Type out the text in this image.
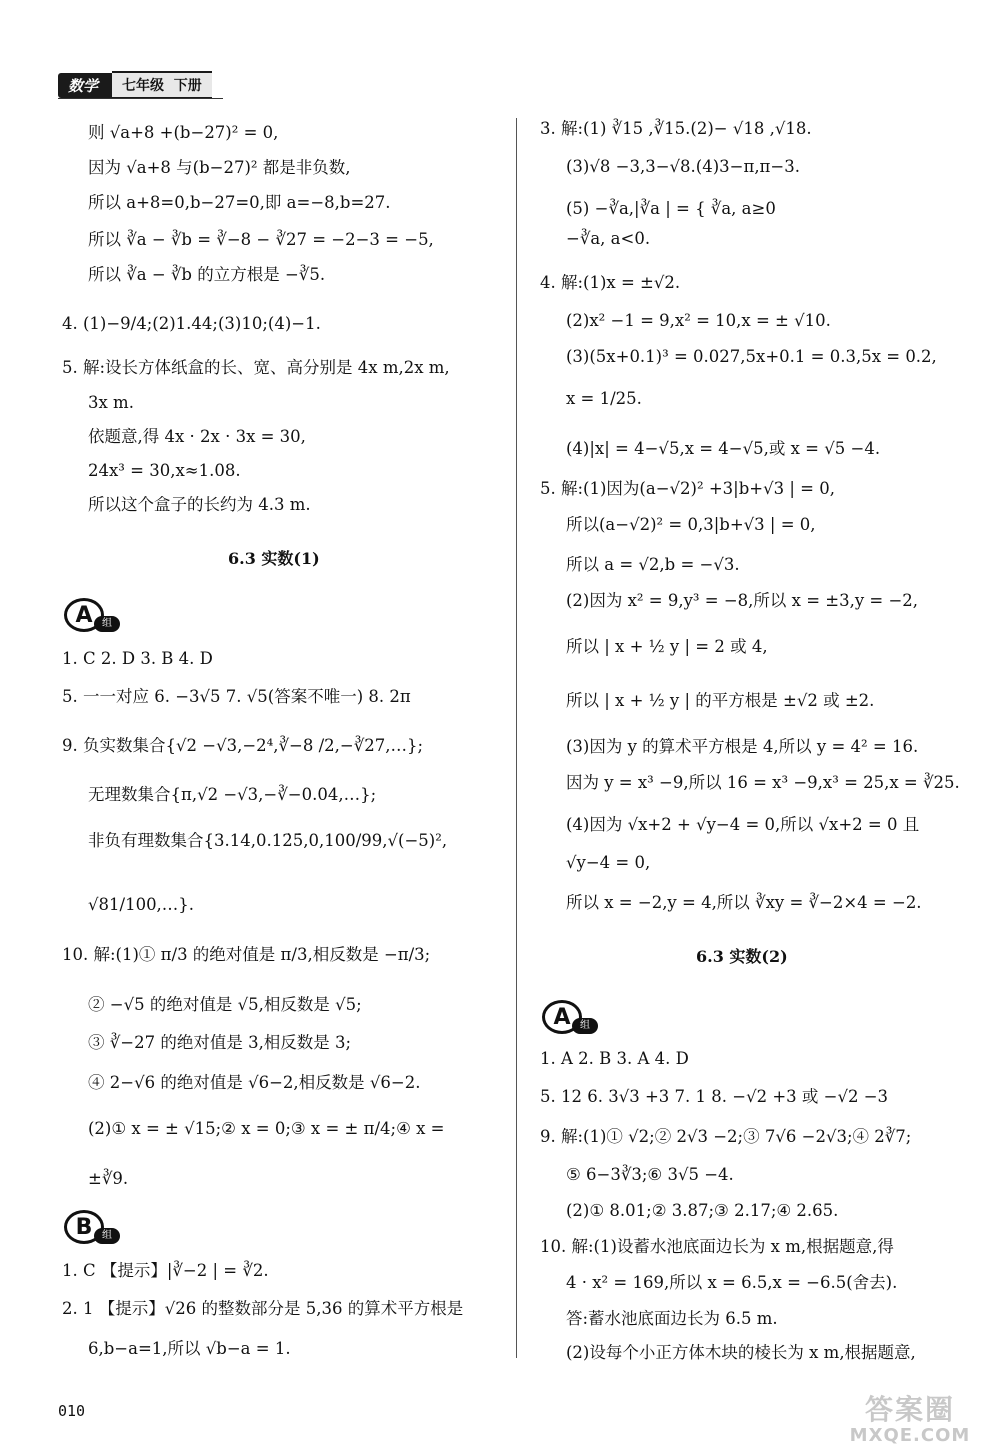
数学	七年级 下册
则 √a+8 +(b−27)² = 0,
因为 √a+8 与(b−27)² 都是非负数,
所以 a+8=0,b−27=0,即 a=−8,b=27.
所以 ∛a − ∛b = ∛−8 − ∛27 = −2−3 = −5,
所以 ∛a − ∛b 的立方根是 −∛5.
4. (1)−9/4;(2)1.44;(3)10;(4)−1.
5. 解:设长方体纸盒的长、宽、高分别是 4x m,2x m,
3x m.
依题意,得 4x · 2x · 3x = 30,
24x³ = 30,x≈1.08.
所以这个盒子的长约为 4.3 m.
6.3 实数(1)
A 组
1. C 2. D 3. B 4. D
5. 一一对应 6. −3√5 7. √5(答案不唯一) 8. 2π
9. 负实数集合{√2 −√3,−2⁴,∛−8 /2,−∛27,…};
无理数集合{π,√2 −√3,−∛−0.04,…};
非负有理数集合{3.14,0.12̇5̇,0,100/99,√(−5)²,
√81/100,…}.
10. 解:(1)① π/3 的绝对值是 π/3,相反数是 −π/3;
② −√5 的绝对值是 √5,相反数是 √5;
③ ∛−27 的绝对值是 3,相反数是 3;
④ 2−√6 的绝对值是 √6−2,相反数是 √6−2.
(2)① x = ± √15;② x = 0;③ x = ± π/4;④ x =
±∛9.
B 组
1. C 【提示】|∛−2 | = ∛2.
2. 1 【提示】√26 的整数部分是 5,36 的算术平方根是
6,b−a=1,所以 √b−a = 1.
3. 解:(1) ∛15 ,∛15.(2)− √18 ,√18.
(3)√8 −3,3−√8.(4)3−π,π−3.
(5) −∛a,|∛a | = { ∛a, a≥0
−∛a, a<0.
4. 解:(1)x = ±√2.
(2)x² −1 = 9,x² = 10,x = ± √10.
(3)(5x+0.1)³ = 0.027,5x+0.1 = 0.3,5x = 0.2,
x = 1/25.
(4)|x| = 4−√5,x = 4−√5,或 x = √5 −4.
5. 解:(1)因为(a−√2)² +3|b+√3 | = 0,
所以(a−√2)² = 0,3|b+√3 | = 0,
所以 a = √2,b = −√3.
(2)因为 x² = 9,y³ = −8,所以 x = ±3,y = −2,
所以 | x + ½ y | = 2 或 4,
所以 | x + ½ y | 的平方根是 ±√2 或 ±2.
(3)因为 y 的算术平方根是 4,所以 y = 4² = 16.
因为 y = x³ −9,所以 16 = x³ −9,x³ = 25,x = ∛25.
(4)因为 √x+2 + √y−4 = 0,所以 √x+2 = 0 且
√y−4 = 0,
所以 x = −2,y = 4,所以 ∛xy = ∛−2×4 = −2.
6.3 实数(2)
A 组
1. A 2. B 3. A 4. D
5. 12 6. 3√3 +3 7. 1 8. −√2 +3 或 −√2 −3
9. 解:(1)① √2;② 2√3 −2;③ 7√6 −2√3;④ 2∛7;
⑤ 6−3∛3;⑥ 3√5 −4.
(2)① 8.01;② 3.87;③ 2.17;④ 2.65.
10. 解:(1)设蓄水池底面边长为 x m,根据题意,得
4 · x² = 169,所以 x = 6.5,x = −6.5(舍去).
答:蓄水池底面边长为 6.5 m.
(2)设每个小正方体木块的棱长为 x m,根据题意,
010	答案圈
MXQE.COM
